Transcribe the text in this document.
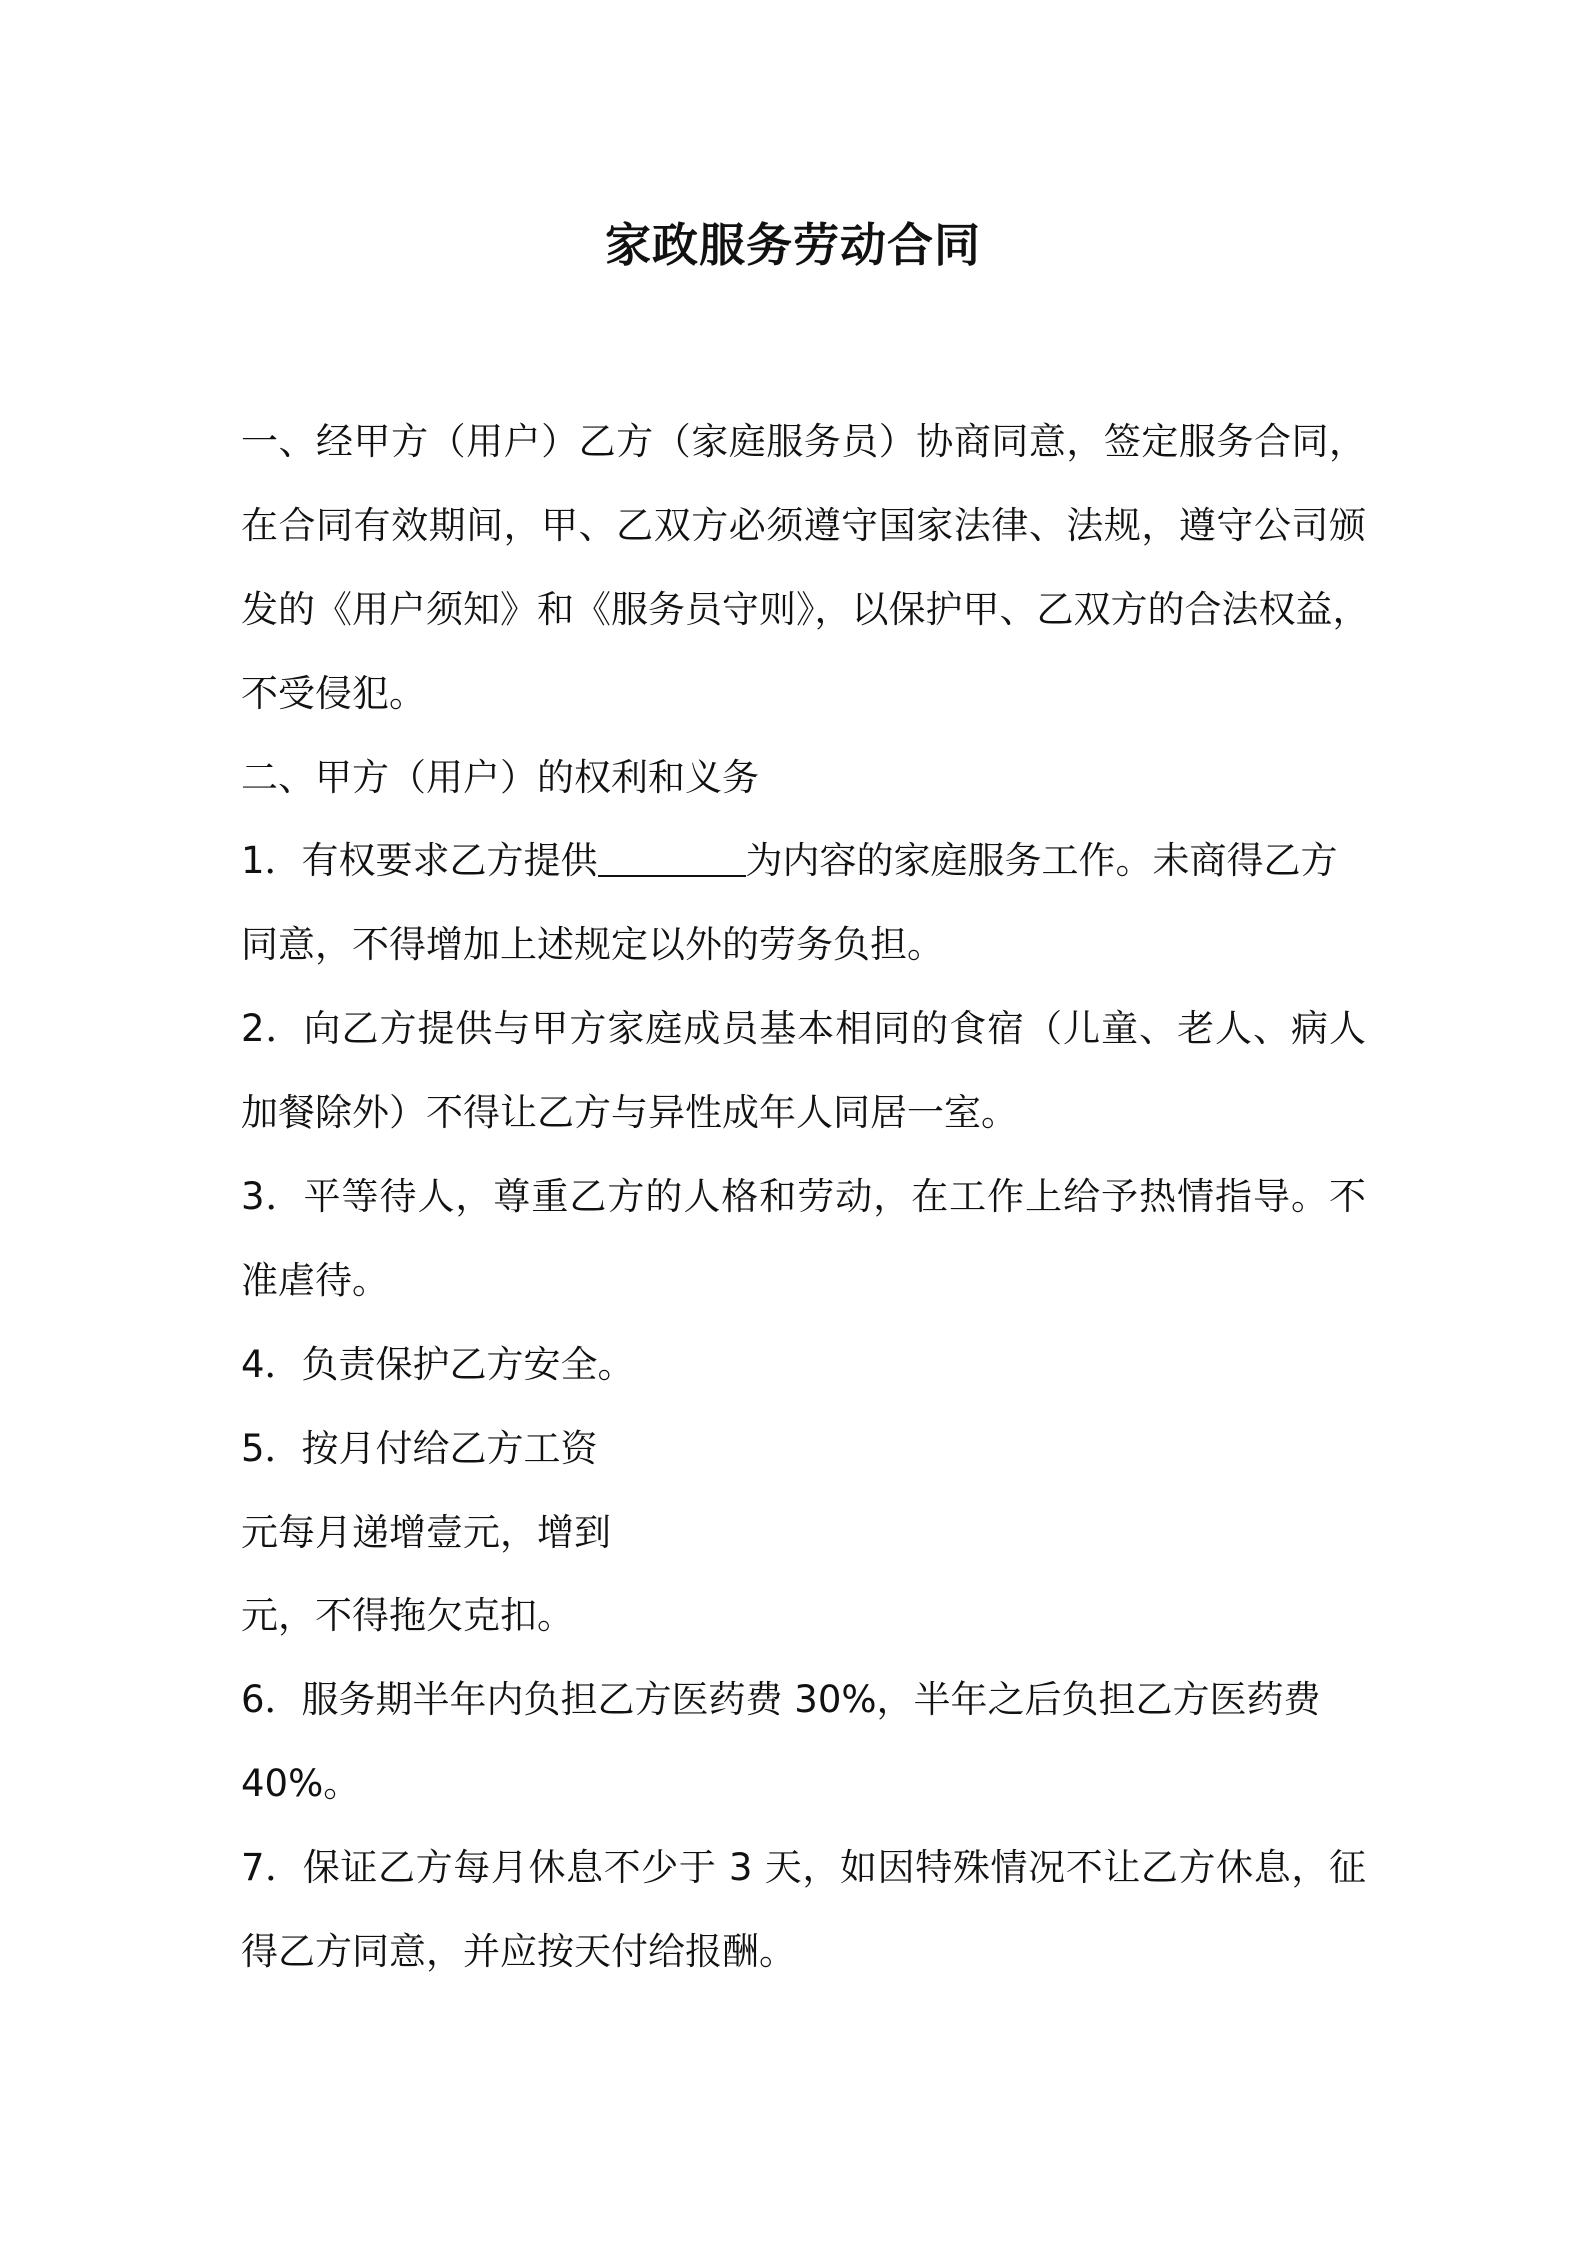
家政服务劳动合同

一、经甲方（用户）乙方（家庭服务员）协商同意，签定服务合同，

在合同有效期间，甲、乙双方必须遵守国家法律、法规，遵守公司颁

发的《用户须知》和《服务员守则》，以保护甲、乙双方的合法权益，

不受侵犯。

二、甲方（用户）的权利和义务

1．有权要求乙方提供	为内容的家庭服务工作。未商得乙方

同意，不得增加上述规定以外的劳务负担。

2．向乙方提供与甲方家庭成员基本相同的食宿（儿童、老人、病人

加餐除外）不得让乙方与异性成年人同居一室。

3．平等待人，尊重乙方的人格和劳动，在工作上给予热情指导。不

准虐待。

4．负责保护乙方安全。

5．按月付给乙方工资

元每月递增壹元，增到

元，不得拖欠克扣。

6．服务期半年内负担乙方医药费 30%，半年之后负担乙方医药费

40%。

7．保证乙方每月休息不少于 3 天，如因特殊情况不让乙方休息，征

得乙方同意，并应按天付给报酬。
